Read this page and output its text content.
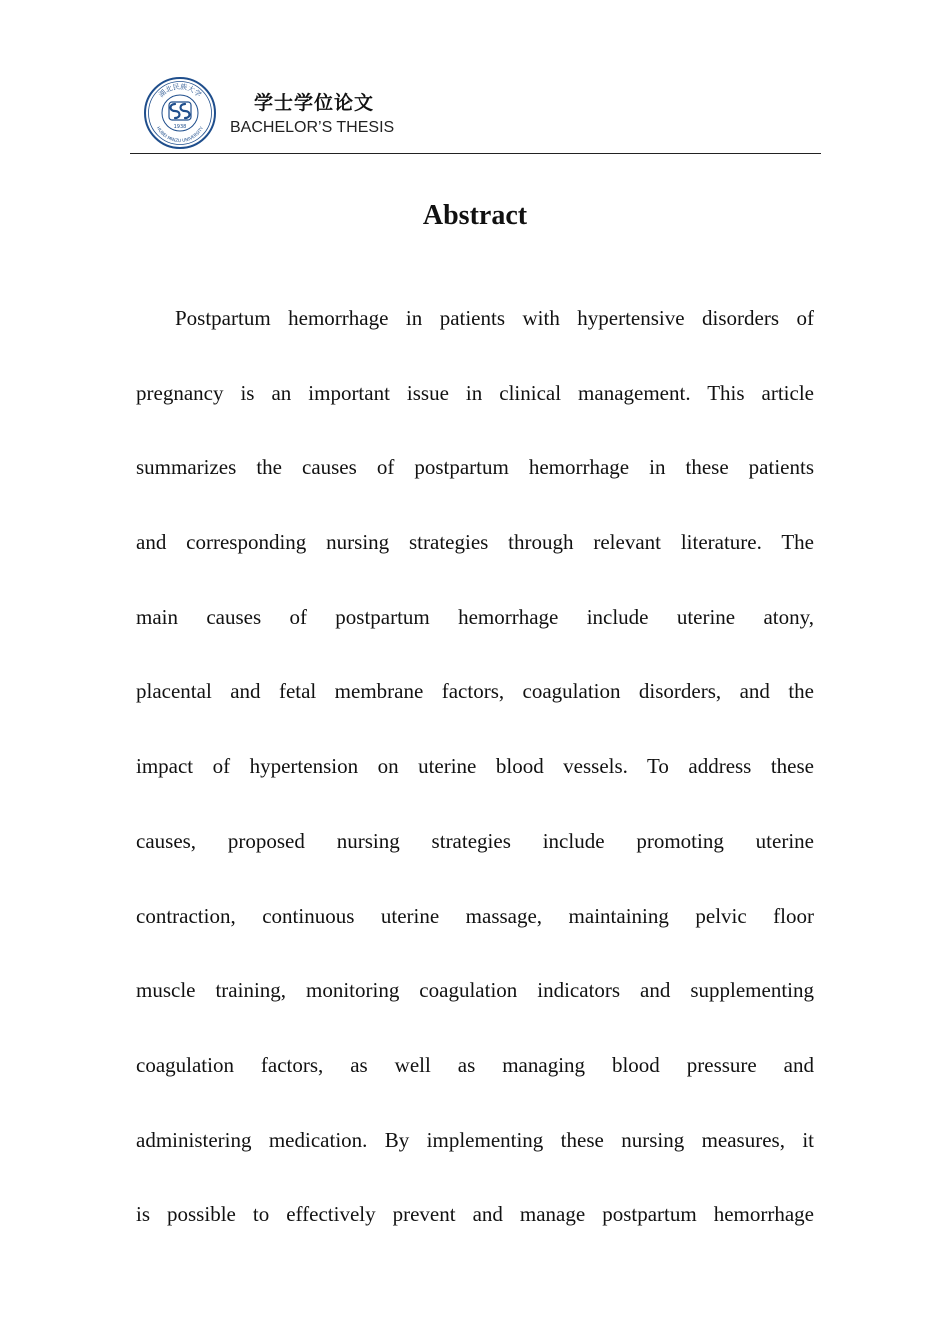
湖北民族大学
HUBEI MINZU UNIVERSITY
1938
学士学位论文
BACHELOR’S THESIS
Abstract
Postpartum hemorrhage in patients with hypertensive disorders of
pregnancy is an important issue in clinical management. This article
summarizes the causes of postpartum hemorrhage in these patients
and corresponding nursing strategies through relevant literature. The
main causes of postpartum hemorrhage include uterine atony,
placental and fetal membrane factors, coagulation disorders, and the
impact of hypertension on uterine blood vessels. To address these
causes, proposed nursing strategies include promoting uterine
contraction, continuous uterine massage, maintaining pelvic floor
muscle training, monitoring coagulation indicators and supplementing
coagulation factors, as well as managing blood pressure and
administering medication. By implementing these nursing measures, it
is possible to effectively prevent and manage postpartum hemorrhage
